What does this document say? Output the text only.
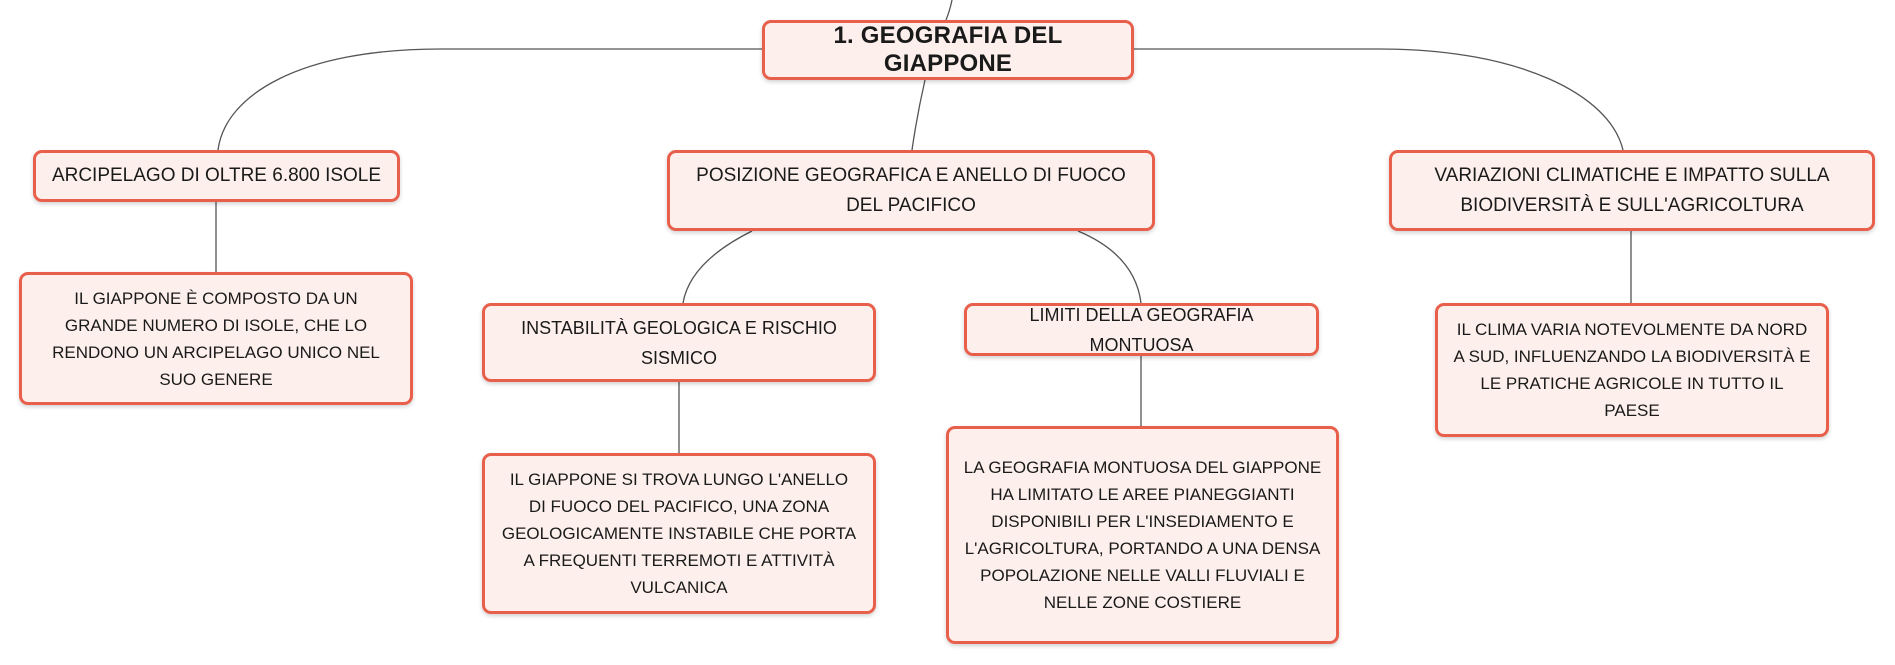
1. GEOGRAFIA DEL GIAPPONE
ARCIPELAGO DI OLTRE 6.800 ISOLE	POSIZIONE GEOGRAFICA E ANELLO DI FUOCO DEL PACIFICO
VARIAZIONI CLIMATICHE E IMPATTO SULLA BIODIVERSITÀ E SULL'AGRICOLTURA
IL GIAPPONE È COMPOSTO DA UN GRANDE NUMERO DI ISOLE, CHE LO RENDONO UN ARCIPELAGO UNICO NEL SUO GENERE
INSTABILITÀ GEOLOGICA E RISCHIO SISMICO
LIMITI DELLA GEOGRAFIA MONTUOSA
IL GIAPPONE SI TROVA LUNGO L'ANELLO DI FUOCO DEL PACIFICO, UNA ZONA GEOLOGICAMENTE INSTABILE CHE PORTA A FREQUENTI TERREMOTI E ATTIVITÀ VULCANICA
LA GEOGRAFIA MONTUOSA DEL GIAPPONE HA LIMITATO LE AREE PIANEGGIANTI DISPONIBILI PER L'INSEDIAMENTO E L'AGRICOLTURA, PORTANDO A UNA DENSA POPOLAZIONE NELLE VALLI FLUVIALI E NELLE ZONE COSTIERE
IL CLIMA VARIA NOTEVOLMENTE DA NORD A SUD, INFLUENZANDO LA BIODIVERSITÀ E LE PRATICHE AGRICOLE IN TUTTO IL PAESE
